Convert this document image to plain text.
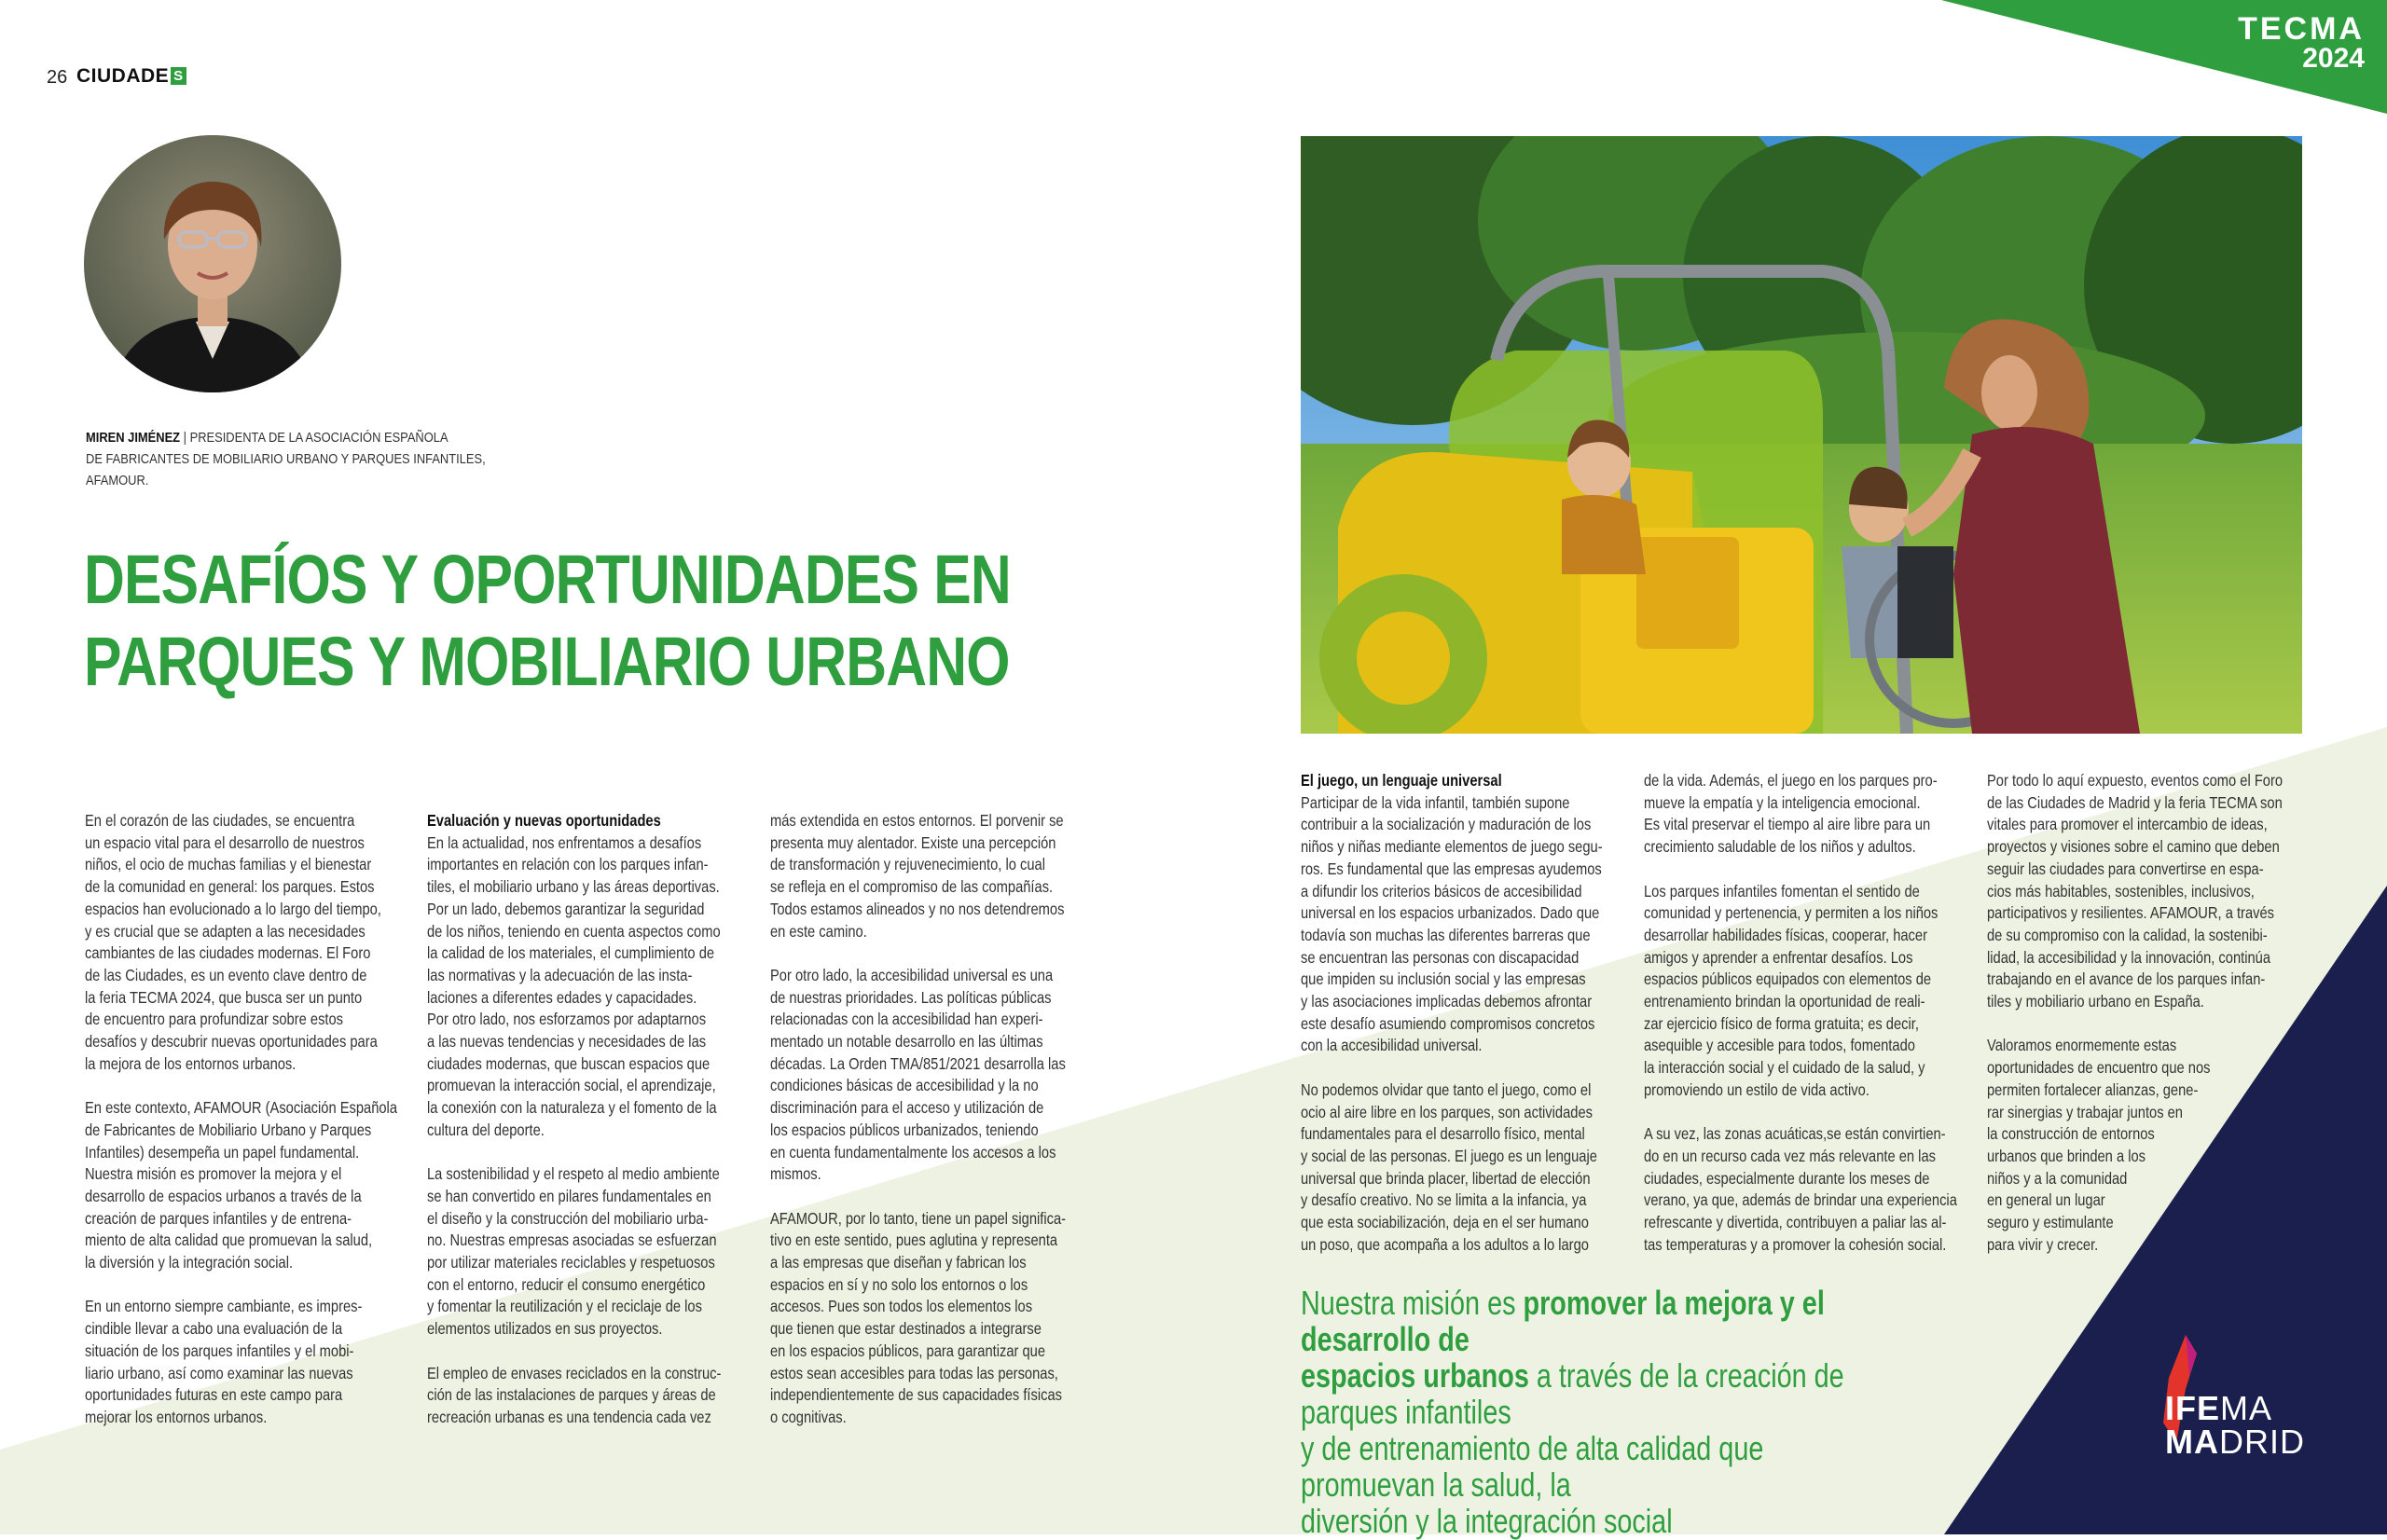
26 CIUDADE S
TECMA
2024
MIREN JIMÉNEZ | PRESIDENTA DE LA ASOCIACIÓN ESPAÑOLA
DE FABRICANTES DE MOBILIARIO URBANO Y PARQUES INFANTILES, AFAMOUR.
DESAFÍOS Y OPORTUNIDADES EN
PARQUES Y MOBILIARIO URBANO

En el corazón de las ciudades, se encuentra
un espacio vital para el desarrollo de nuestros
niños, el ocio de muchas familias y el bienestar
de la comunidad en general: los parques. Estos
espacios han evolucionado a lo largo del tiempo,
y es crucial que se adapten a las necesidades
cambiantes de las ciudades modernas. El Foro
de las Ciudades, es un evento clave dentro de
la feria TECMA 2024, que busca ser un punto
de encuentro para profundizar sobre estos
desafíos y descubrir nuevas oportunidades para
la mejora de los entornos urbanos.

En este contexto, AFAMOUR (Asociación Española
de Fabricantes de Mobiliario Urbano y Parques
Infantiles) desempeña un papel fundamental.
Nuestra misión es promover la mejora y el
desarrollo de espacios urbanos a través de la
creación de parques infantiles y de entrena-
miento de alta calidad que promuevan la salud,
la diversión y la integración social.

En un entorno siempre cambiante, es impres-
cindible llevar a cabo una evaluación de la
situación de los parques infantiles y el mobi-
liario urbano, así como examinar las nuevas
oportunidades futuras en este campo para
mejorar los entornos urbanos.

Evaluación y nuevas oportunidades

En la actualidad, nos enfrentamos a desafíos
importantes en relación con los parques infan-
tiles, el mobiliario urbano y las áreas deportivas.
Por un lado, debemos garantizar la seguridad
de los niños, teniendo en cuenta aspectos como
la calidad de los materiales, el cumplimiento de
las normativas y la adecuación de las insta-
laciones a diferentes edades y capacidades.
Por otro lado, nos esforzamos por adaptarnos
a las nuevas tendencias y necesidades de las
ciudades modernas, que buscan espacios que
promuevan la interacción social, el aprendizaje,
la conexión con la naturaleza y el fomento de la
cultura del deporte.

La sostenibilidad y el respeto al medio ambiente
se han convertido en pilares fundamentales en
el diseño y la construcción del mobiliario urba-
no. Nuestras empresas asociadas se esfuerzan
por utilizar materiales reciclables y respetuosos
con el entorno, reducir el consumo energético
y fomentar la reutilización y el reciclaje de los
elementos utilizados en sus proyectos.

El empleo de envases reciclados en la construc-
ción de las instalaciones de parques y áreas de
recreación urbanas es una tendencia cada vez

más extendida en estos entornos. El porvenir se
presenta muy alentador. Existe una percepción
de transformación y rejuvenecimiento, lo cual
se refleja en el compromiso de las compañías.
Todos estamos alineados y no nos detendremos
en este camino.

Por otro lado, la accesibilidad universal es una
de nuestras prioridades. Las políticas públicas
relacionadas con la accesibilidad han experi-
mentado un notable desarrollo en las últimas
décadas. La Orden TMA/851/2021 desarrolla las
condiciones básicas de accesibilidad y la no
discriminación para el acceso y utilización de
los espacios públicos urbanizados, teniendo
en cuenta fundamentalmente los accesos a los
mismos.

AFAMOUR, por lo tanto, tiene un papel significa-
tivo en este sentido, pues aglutina y representa
a las empresas que diseñan y fabrican los
espacios en sí y no solo los entornos o los
accesos. Pues son todos los elementos los
que tienen que estar destinados a integrarse
en los espacios públicos, para garantizar que
estos sean accesibles para todas las personas,
independientemente de sus capacidades físicas
o cognitivas.

El juego, un lenguaje universal

Participar de la vida infantil, también supone
contribuir a la socialización y maduración de los
niños y niñas mediante elementos de juego segu-
ros. Es fundamental que las empresas ayudemos
a difundir los criterios básicos de accesibilidad
universal en los espacios urbanizados. Dado que
todavía son muchas las diferentes barreras que
se encuentran las personas con discapacidad
que impiden su inclusión social y las empresas
y las asociaciones implicadas debemos afrontar
este desafío asumiendo compromisos concretos
con la accesibilidad universal.

No podemos olvidar que tanto el juego, como el
ocio al aire libre en los parques, son actividades
fundamentales para el desarrollo físico, mental
y social de las personas. El juego es un lenguaje
universal que brinda placer, libertad de elección
y desafío creativo. No se limita a la infancia, ya
que esta sociabilización, deja en el ser humano
un poso, que acompaña a los adultos a lo largo

de la vida. Además, el juego en los parques pro-
mueve la empatía y la inteligencia emocional.
Es vital preservar el tiempo al aire libre para un
crecimiento saludable de los niños y adultos.

Los parques infantiles fomentan el sentido de
comunidad y pertenencia, y permiten a los niños
desarrollar habilidades físicas, cooperar, hacer
amigos y aprender a enfrentar desafíos. Los
espacios públicos equipados con elementos de
entrenamiento brindan la oportunidad de reali-
zar ejercicio físico de forma gratuita; es decir,
asequible y accesible para todos, fomentado
la interacción social y el cuidado de la salud, y
promoviendo un estilo de vida activo.

A su vez, las zonas acuáticas,se están convirtien-
do en un recurso cada vez más relevante en las
ciudades, especialmente durante los meses de
verano, ya que, además de brindar una experiencia
refrescante y divertida, contribuyen a paliar las al-
tas temperaturas y a promover la cohesión social.

Por todo lo aquí expuesto, eventos como el Foro
de las Ciudades de Madrid y la feria TECMA son
vitales para promover el intercambio de ideas,
proyectos y visiones sobre el camino que deben
seguir las ciudades para convertirse en espa-
cios más habitables, sostenibles, inclusivos,
participativos y resilientes. AFAMOUR, a través
de su compromiso con la calidad, la sostenibi-
lidad, la accesibilidad y la innovación, continúa
trabajando en el avance de los parques infan-
tiles y mobiliario urbano en España.

Valoramos enormemente estas
oportunidades de encuentro que nos
permiten fortalecer alianzas, gene-
rar sinergias y trabajar juntos en
la construcción de entornos
urbanos que brinden a los
niños y a la comunidad
en general un lugar
seguro y estimulante
para vivir y crecer.

Nuestra misión es promover la mejora y el desarrollo de
espacios urbanos a través de la creación de parques infantiles
y de entrenamiento de alta calidad que promuevan la salud, la
diversión y la integración social
IFEMA
MADRID
